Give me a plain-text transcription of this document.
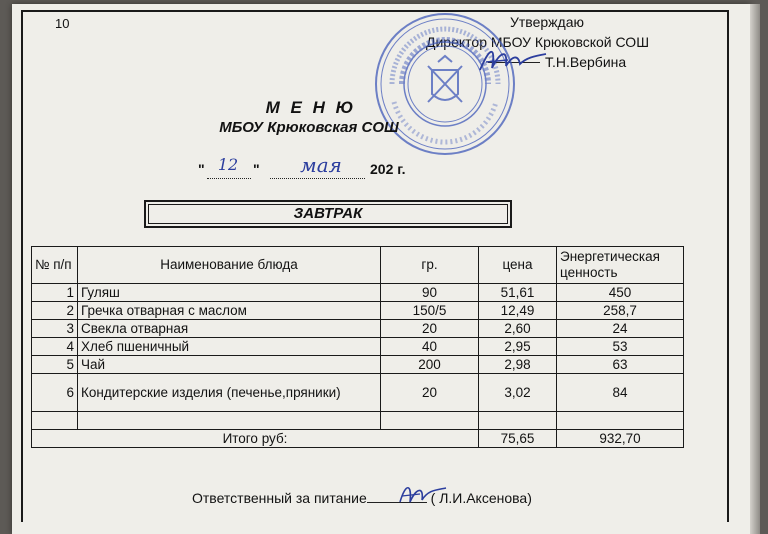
10	Утверждаю
Директор МБОУ Крюковской СОШ
Т.Н.Вербина
М Е Н Ю
МБОУ Крюковская СОШ
" 12	"	мая	202 г.
ЗАВТРАК
№ п/п	Наименование блюда	гр.	цена	Энергетическая ценность
1	Гуляш	90	51,61	450
2	Гречка отварная с маслом	150/5	12,49	258,7
3	Свекла отварная	20	2,60	24
4	Хлеб пшеничный	40	2,95	53
5	Чай	200	2,98	63
6	Кондитерские изделия (печенье,пряники)	20	3,02	84

Итого руб:			75,65	932,70
Ответственный за питание	( Л.И.Аксенова)
